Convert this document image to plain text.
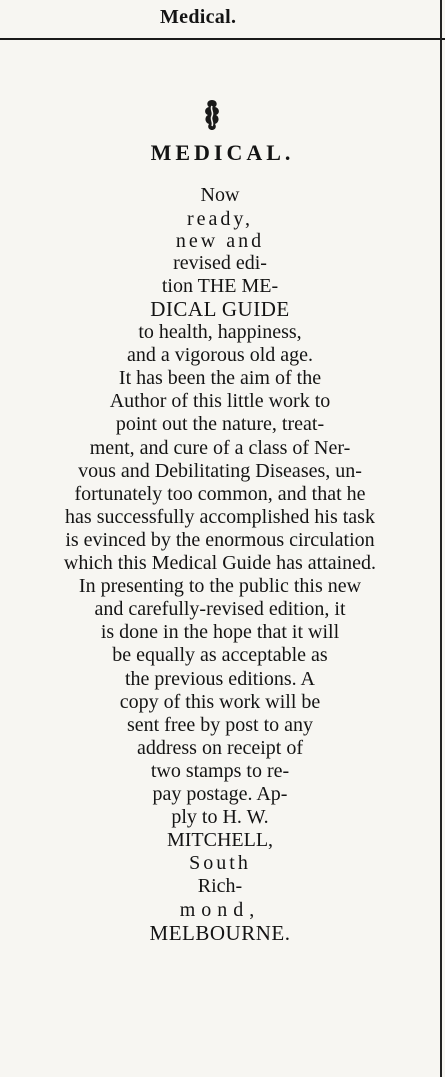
Medical.
MEDICAL.
Now
ready,
new and
revised edi-
tion THE ME-
DICAL GUIDE
to health, happiness,
and a vigorous old age.
It has been the aim of the
Author of this little work to
point out the nature, treat-
ment, and cure of a class of Ner-
vous and Debilitating Diseases, un-
fortunately too common, and that he
has successfully accomplished his task
is evinced by the enormous circulation
which this Medical Guide has attained.
In presenting to the public this new
and carefully-revised edition, it
is done in the hope that it will
be equally as acceptable as
the previous editions. A
copy of this work will be
sent free by post to any
address on receipt of
two stamps to re-
pay postage. Ap-
ply to H. W.
MITCHELL,
South
Rich-
mond,
MELBOURNE.
